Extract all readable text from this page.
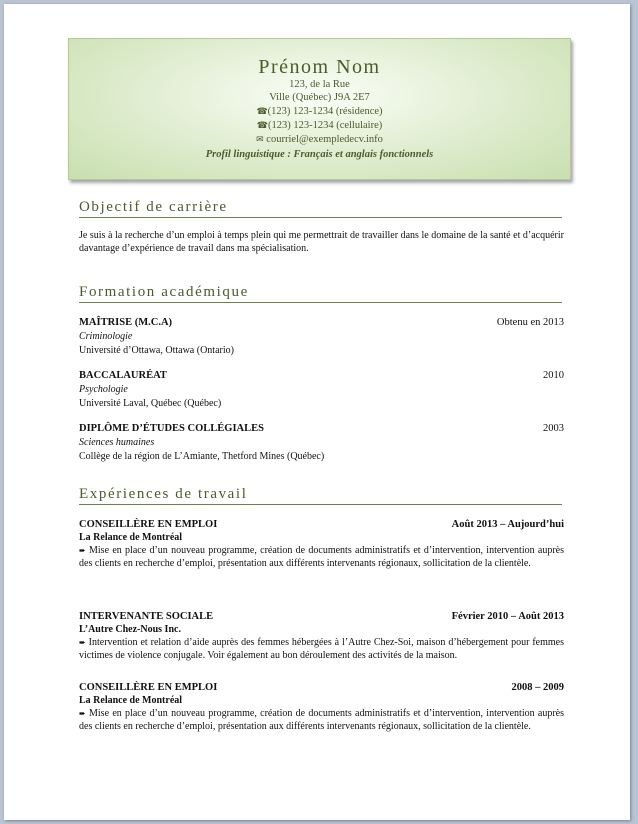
Prénom Nom
123, de la Rue
Ville (Québec) J9A 2E7
☎(123) 123-1234 (résidence)
☎(123) 123-1234 (cellulaire)
✉ courriel@exempledecv.info
Profil linguistique : Français et anglais fonctionnels
Objectif de carrière
Je suis à la recherche d’un emploi à temps plein qui me permettrait de travailler dans le domaine de la santé et d’acquérir davantage d’expérience de travail dans ma spécialisation.
Formation académique
MAÎTRISE (M.C.A)	Obtenu en 2013
Criminologie
Université d’Ottawa, Ottawa (Ontario)
BACCALAURÉAT	2010
Psychologie
Université Laval, Québec (Québec)
DIPLÔME D’ÉTUDES COLLÉGIALES	2003
Sciences humaines
Collège de la région de L’Amiante, Thetford Mines (Québec)
Expériences de travail
CONSEILLÈRE EN EMPLOI	Août 2013 – Aujourd’hui
La Relance de Montréal
➨ Mise en place d’un nouveau programme, création de documents administratifs et d’intervention, intervention auprès des clients en recherche d’emploi, présentation aux différents intervenants régionaux, sollicitation de la clientèle.
INTERVENANTE SOCIALE	Février 2010 – Août 2013
L’Autre Chez-Nous Inc.
➨ Intervention et relation d’aide auprès des femmes hébergées à l’Autre Chez-Soi, maison d’hébergement pour femmes victimes de violence conjugale. Voir également au bon déroulement des activités de la maison.
CONSEILLÈRE EN EMPLOI	2008 – 2009
La Relance de Montréal
➨ Mise en place d’un nouveau programme, création de documents administratifs et d’intervention, intervention auprès des clients en recherche d’emploi, présentation aux différents intervenants régionaux, sollicitation de la clientèle.
